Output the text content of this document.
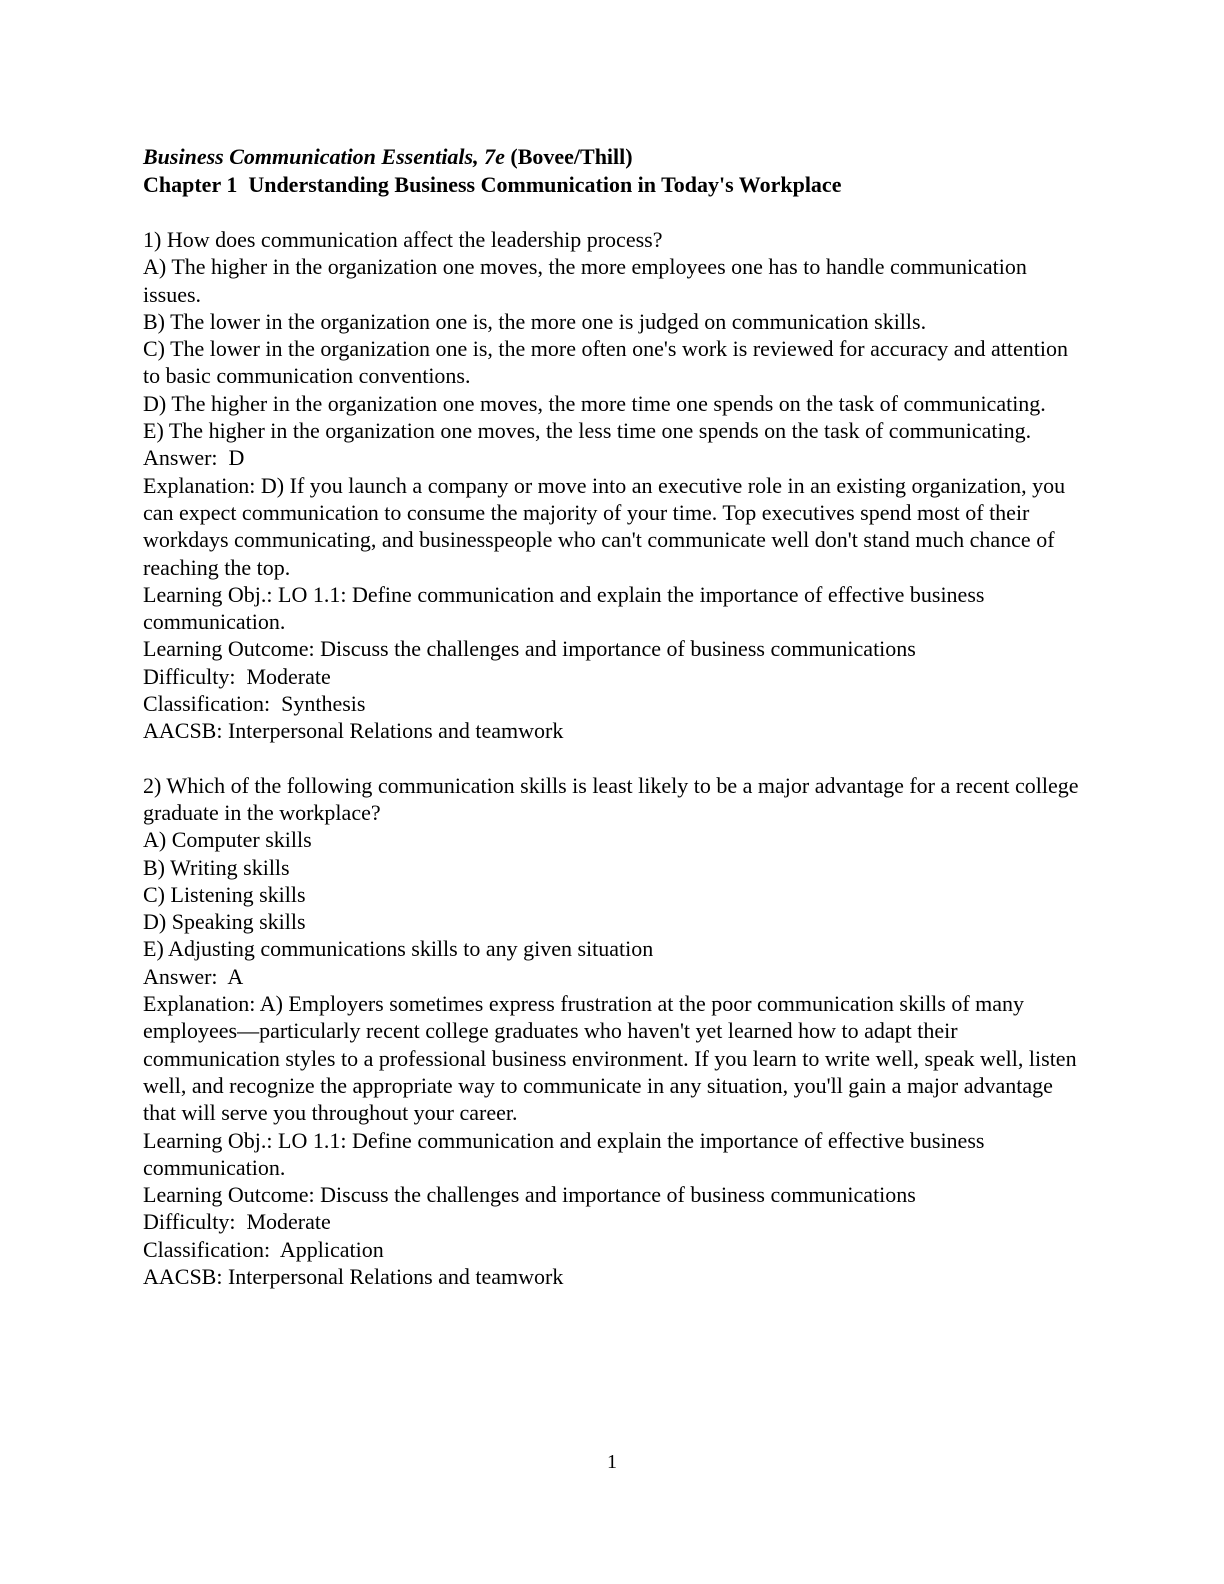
Business Communication Essentials, 7e (Bovee/Thill)

Chapter 1  Understanding Business Communication in Today's Workplace

1) How does communication affect the leadership process?

A) The higher in the organization one moves, the more employees one has to handle communication issues.

B) The lower in the organization one is, the more one is judged on communication skills.

C) The lower in the organization one is, the more often one's work is reviewed for accuracy and attention to basic communication conventions.

D) The higher in the organization one moves, the more time one spends on the task of communicating.

E) The higher in the organization one moves, the less time one spends on the task of communicating.

Answer:  D

Explanation: D) If you launch a company or move into an executive role in an existing organization, you can expect communication to consume the majority of your time. Top executives spend most of their workdays communicating, and businesspeople who can't communicate well don't stand much chance of reaching the top.

Learning Obj.: LO 1.1: Define communication and explain the importance of effective business communication.

Learning Outcome: Discuss the challenges and importance of business communications

Difficulty:  Moderate

Classification:  Synthesis

AACSB: Interpersonal Relations and teamwork

2) Which of the following communication skills is least likely to be a major advantage for a recent college graduate in the workplace?

A) Computer skills

B) Writing skills

C) Listening skills

D) Speaking skills

E) Adjusting communications skills to any given situation

Answer:  A

Explanation: A) Employers sometimes express frustration at the poor communication skills of many employees—particularly recent college graduates who haven't yet learned how to adapt their communication styles to a professional business environment. If you learn to write well, speak well, listen well, and recognize the appropriate way to communicate in any situation, you'll gain a major advantage that will serve you throughout your career.

Learning Obj.: LO 1.1: Define communication and explain the importance of effective business communication.

Learning Outcome: Discuss the challenges and importance of business communications

Difficulty:  Moderate

Classification:  Application

AACSB: Interpersonal Relations and teamwork

1
